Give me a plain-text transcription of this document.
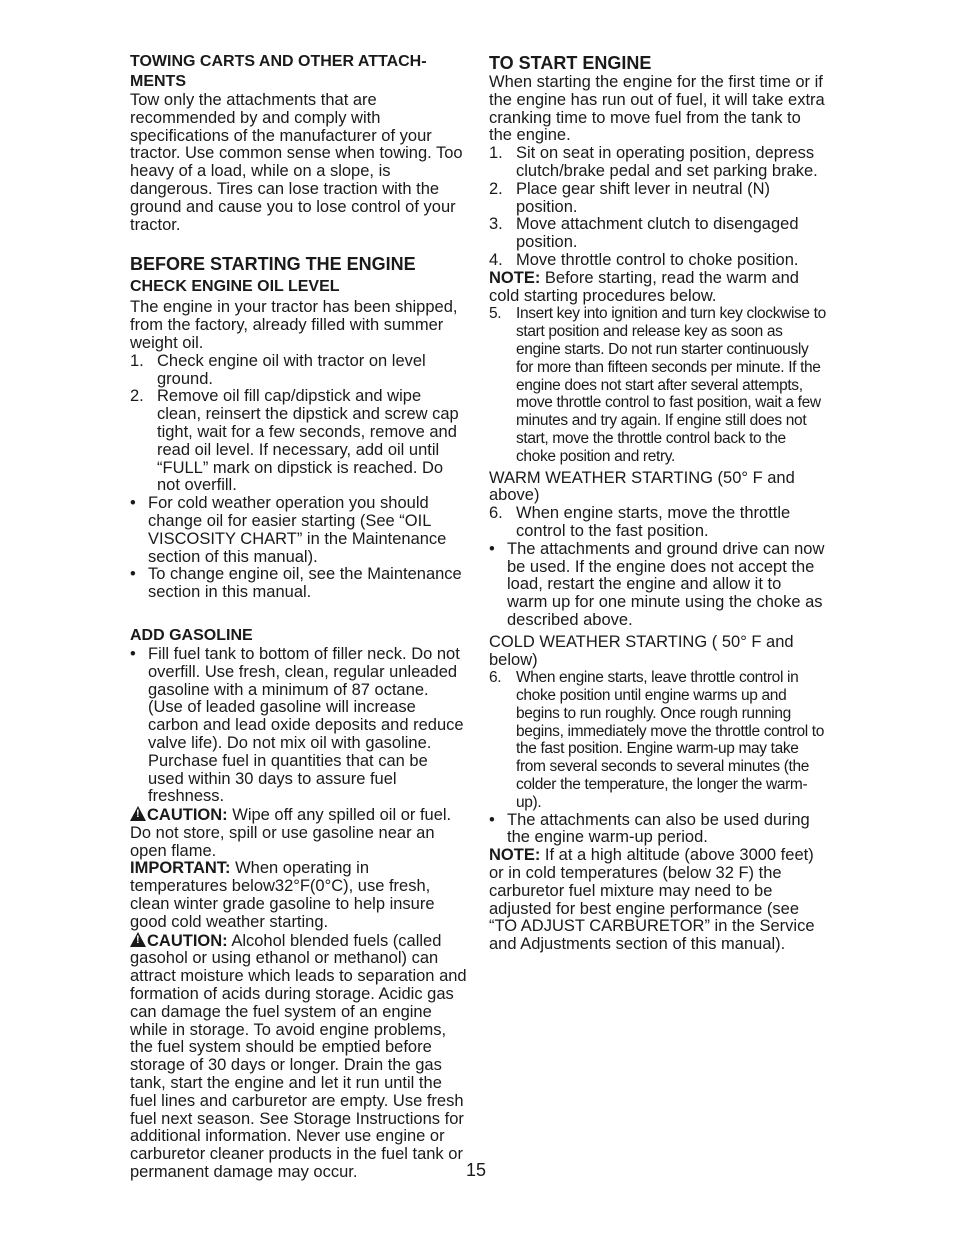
TOWING CARTS AND OTHER ATTACH-MENTS

Tow only the attachments that are recommended by and comply with specifications of the manufacturer of your tractor. Use common sense when towing. Too heavy of a load, while on a slope, is dangerous. Tires can lose traction with the ground and cause you to lose control of your tractor.

BEFORE STARTING THE ENGINE
CHECK ENGINE OIL LEVEL

The engine in your tractor has been shipped, from the factory, already filled with summer weight oil.

1. Check engine oil with tractor on level ground.
2. Remove oil fill cap/dipstick and wipe clean, reinsert the dipstick and screw cap tight, wait for a few seconds, remove and read oil level. If necessary, add oil until “FULL” mark on dipstick is reached. Do not overfill.
• For cold weather operation you should change oil for easier starting (See “OIL VISCOSITY CHART” in the Maintenance section of this manual).
• To change engine oil, see the Maintenance section in this manual.
ADD GASOLINE
• Fill fuel tank to bottom of filler neck. Do not overfill. Use fresh, clean, regular unleaded gasoline with a minimum of 87 octane. (Use of leaded gasoline will increase carbon and lead oxide deposits and reduce valve life). Do not mix oil with gasoline. Purchase fuel in quantities that can be used within 30 days to assure fuel freshness.

!CAUTION: Wipe off any spilled oil or fuel. Do not store, spill or use gasoline near an open flame.

IMPORTANT: When operating in temperatures below32°F(0°C), use fresh, clean winter grade gasoline to help insure good cold weather starting.

!CAUTION: Alcohol blended fuels (called gasohol or using ethanol or methanol) can attract moisture which leads to separation and formation of acids during storage. Acidic gas can damage the fuel system of an engine while in storage. To avoid engine problems, the fuel system should be emptied before storage of 30 days or longer. Drain the gas tank, start the engine and let it run until the fuel lines and carburetor are empty. Use fresh fuel next season. See Storage Instructions for additional information. Never use engine or carburetor cleaner products in the fuel tank or permanent damage may occur.

TO START ENGINE

When starting the engine for the first time or if the engine has run out of fuel, it will take extra cranking time to move fuel from the tank to the engine.

1. Sit on seat in operating position, depress clutch/brake pedal and set parking brake.
2. Place gear shift lever in neutral (N) position.
3. Move attachment clutch to disengaged position.
4. Move throttle control to choke position.

NOTE: Before starting, read the warm and cold starting procedures below.

5. Insert key into ignition and turn key clockwise to start position and release key as soon as engine starts. Do not run starter continuously for more than fifteen seconds per minute. If the engine does not start after several attempts, move throttle control to fast position, wait a few minutes and try again. If engine still does not start, move the throttle control back to the choke position and retry.

WARM WEATHER STARTING (50° F and above)

6. When engine starts, move the throttle control to the fast position.
• The attachments and ground drive can now be used. If the engine does not accept the load, restart the engine and allow it to warm up for one minute using the choke as described above.

COLD WEATHER STARTING ( 50° F and below)

6. When engine starts, leave throttle control in choke position until engine warms up and begins to run roughly. Once rough running begins, immediately move the throttle control to the fast position. Engine warm-up may take from several seconds to several minutes (the colder the temperature, the longer the warm-up).
• The attachments can also be used during the engine warm-up period.

NOTE: If at a high altitude (above 3000 feet) or in cold temperatures (below 32 F) the carburetor fuel mixture may need to be adjusted for best engine performance (see “TO ADJUST CARBURETOR” in the Service and Adjustments section of this manual).

15
